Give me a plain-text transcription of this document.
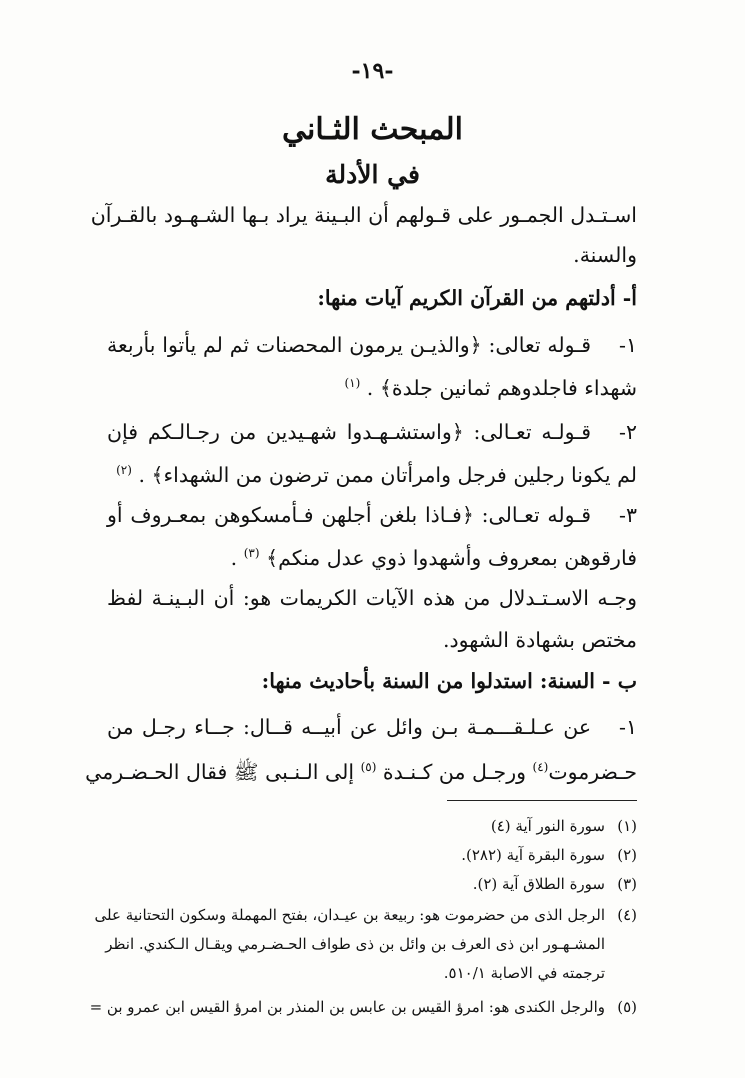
-١٩-
المبحث الثـاني
في الأدلة
اسـتـدل الجمـور على قـولهم أن البـينة يراد بـها الشـهـود بالقـرآن
والسنة.
أ- أدلتهم من القرآن الكريم آيات منها:
١-قـوله تعالى: ﴿والذيـن يرمون المحصنات ثم لم يأتوا بأربعة
شهداء فاجلدوهم ثمانين جلدة﴾ . $^{(١)}$
٢-قـولـه تعـالى: ﴿واستشـهـدوا شهـيدين من رجـالـكم فإن
لم يكونا رجلين فرجل وامرأتان ممن ترضون من الشهداء﴾ . $^{(٢)}$
٣-قـوله تعـالى: ﴿فـاذا بلغن أجلهن فـأمسكوهن بمعـروف أو
فارقوهن بمعروف وأشهدوا ذوي عدل منكم﴾ $^{(٣)}$ .
وجـه الاسـتـدلال من هذه الآيات الكريمات هو: أن البـينـة لفظ
مختص بشهادة الشهود.
ب - السنة: استدلوا من السنة بأحاديث منها:
١-عن عـلـقـــمـة بـن وائل عن أبيــه قــال: جــاء رجـل من
حـضرموت$^{(٤)}$ ورجـل من كـنـدة $^{(٥)}$ إلى الـنـبى ﷺ فقال الحـضـرمي
(١)سورة النور آية (٤)
(٢)سورة البقرة آية (٢٨٢).
(٣)سورة الطلاق آية (٢).
(٤)الرجل الذى من حضرموت هو: ربيعة بن عيـدان، بفتح المهملة وسكون التحتانية على
المشـهـور ابن ذى العرف بن وائل بن ذى طواف الحـضـرمي ويقـال الـكندي. انظر
ترجمته في الاصابة ٥١٠/١.
(٥)والرجل الكندى هو: امرؤ القيس بن عابس بن المنذر بن امرؤ القيس ابن عمرو بن =
